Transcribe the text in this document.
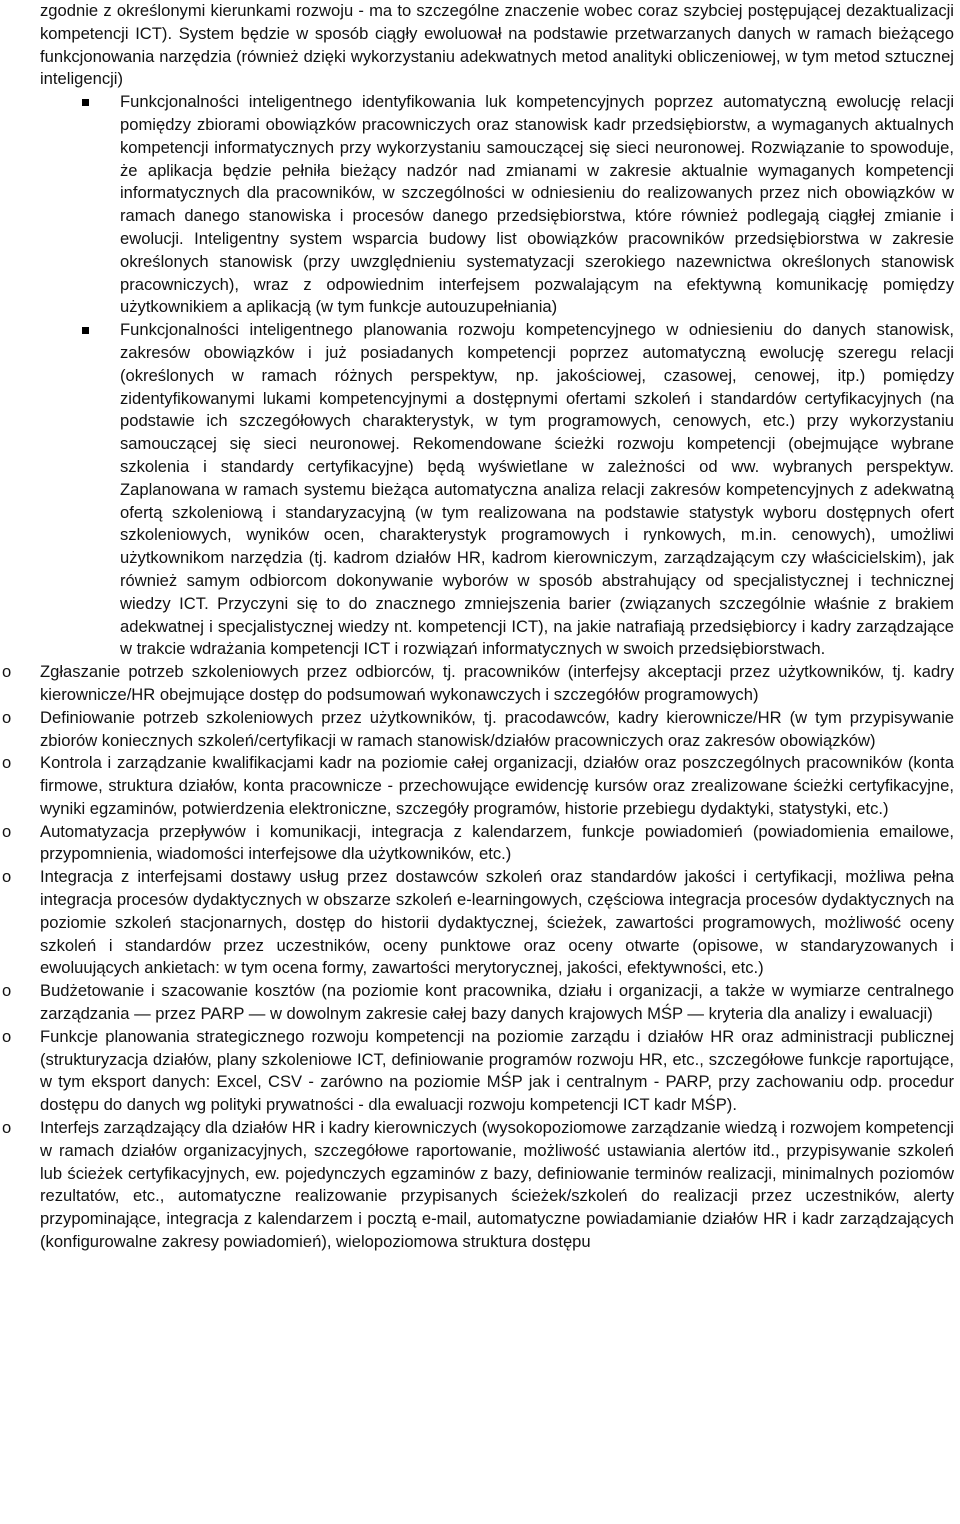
zgodnie z określonymi kierunkami rozwoju - ma to szczególne znaczenie wobec coraz szybciej postępującej dezaktualizacji kompetencji ICT). System będzie w sposób ciągły ewoluował na podstawie przetwarzanych danych w ramach bieżącego funkcjonowania narzędzia (również dzięki wykorzystaniu adekwatnych metod analityki obliczeniowej, w tym metod sztucznej inteligencji)

Funkcjonalności inteligentnego identyfikowania luk kompetencyjnych poprzez automatyczną ewolucję relacji pomiędzy zbiorami obowiązków pracowniczych oraz stanowisk kadr przedsiębiorstw, a wymaganych aktualnych kompetencji informatycznych przy wykorzystaniu samouczącej się sieci neuronowej. Rozwiązanie to spowoduje, że aplikacja będzie pełniła bieżący nadzór nad zmianami w zakresie aktualnie wymaganych kompetencji informatycznych dla pracowników, w szczególności w odniesieniu do realizowanych przez nich obowiązków w ramach danego stanowiska i procesów danego przedsiębiorstwa, które również podlegają ciągłej zmianie i ewolucji. Inteligentny system wsparcia budowy list obowiązków pracowników przedsiębiorstwa w zakresie określonych stanowisk (przy uwzględnieniu systematyzacji szerokiego nazewnictwa określonych stanowisk pracowniczych), wraz z odpowiednim interfejsem pozwalającym na efektywną komunikację pomiędzy użytkownikiem a aplikacją (w tym funkcje autouzupełniania)
Funkcjonalności inteligentnego planowania rozwoju kompetencyjnego w odniesieniu do danych stanowisk, zakresów obowiązków i już posiadanych kompetencji poprzez automatyczną ewolucję szeregu relacji (określonych w ramach różnych perspektyw, np. jakościowej, czasowej, cenowej, itp.) pomiędzy zidentyfikowanymi lukami kompetencyjnymi a dostępnymi ofertami szkoleń i standardów certyfikacyjnych (na podstawie ich szczegółowych charakterystyk, w tym programowych, cenowych, etc.) przy wykorzystaniu samouczącej się sieci neuronowej. Rekomendowane ścieżki rozwoju kompetencji (obejmujące wybrane szkolenia i standardy certyfikacyjne) będą wyświetlane w zależności od ww. wybranych perspektyw. Zaplanowana w ramach systemu bieżąca automatyczna analiza relacji zakresów kompetencyjnych z adekwatną ofertą szkoleniową i standaryzacyjną (w tym realizowana na podstawie statystyk wyboru dostępnych ofert szkoleniowych, wyników ocen, charakterystyk programowych i rynkowych, m.in. cenowych), umożliwi użytkownikom narzędzia (tj. kadrom działów HR, kadrom kierowniczym, zarządzającym czy właścicielskim), jak również samym odbiorcom dokonywanie wyborów w sposób abstrahujący od specjalistycznej i technicznej wiedzy ICT. Przyczyni się to do znacznego zmniejszenia barier (związanych szczególnie właśnie z brakiem adekwatnej i specjalistycznej wiedzy nt. kompetencji ICT), na jakie natrafiają przedsiębiorcy i kadry zarządzające w trakcie wdrażania kompetencji ICT i rozwiązań informatycznych w swoich przedsiębiorstwach.
o Zgłaszanie potrzeb szkoleniowych przez odbiorców, tj. pracowników (interfejsy akceptacji przez użytkowników, tj. kadry kierownicze/HR obejmujące dostęp do podsumowań wykonawczych i szczegółów programowych)
o Definiowanie potrzeb szkoleniowych przez użytkowników, tj. pracodawców, kadry kierownicze/HR (w tym przypisywanie zbiorów koniecznych szkoleń/certyfikacji w ramach stanowisk/działów pracowniczych oraz zakresów obowiązków)
o Kontrola i zarządzanie kwalifikacjami kadr na poziomie całej organizacji, działów oraz poszczególnych pracowników (konta firmowe, struktura działów, konta pracownicze - przechowujące ewidencję kursów oraz zrealizowane ścieżki certyfikacyjne, wyniki egzaminów, potwierdzenia elektroniczne, szczegóły programów, historie przebiegu dydaktyki, statystyki, etc.)
o Automatyzacja przepływów i komunikacji, integracja z kalendarzem, funkcje powiadomień (powiadomienia emailowe, przypomnienia, wiadomości interfejsowe dla użytkowników, etc.)
o Integracja z interfejsami dostawy usług przez dostawców szkoleń oraz standardów jakości i certyfikacji, możliwa pełna integracja procesów dydaktycznych w obszarze szkoleń e-learningowych, częściowa integracja procesów dydaktycznych na poziomie szkoleń stacjonarnych, dostęp do historii dydaktycznej, ścieżek, zawartości programowych, możliwość oceny szkoleń i standardów przez uczestników, oceny punktowe oraz oceny otwarte (opisowe, w standaryzowanych i ewoluujących ankietach: w tym ocena formy, zawartości merytorycznej, jakości, efektywności, etc.)
o Budżetowanie i szacowanie kosztów (na poziomie kont pracownika, działu i organizacji, a także w wymiarze centralnego zarządzania — przez PARP — w dowolnym zakresie całej bazy danych krajowych MŚP — kryteria dla analizy i ewaluacji)
o Funkcje planowania strategicznego rozwoju kompetencji na poziomie zarządu i działów HR oraz administracji publicznej (strukturyzacja działów, plany szkoleniowe ICT, definiowanie programów rozwoju HR, etc., szczegółowe funkcje raportujące, w tym eksport danych: Excel, CSV - zarówno na poziomie MŚP jak i centralnym - PARP, przy zachowaniu odp. procedur dostępu do danych wg polityki prywatności - dla ewaluacji rozwoju kompetencji ICT kadr MŚP).
o Interfejs zarządzający dla działów HR i kadry kierowniczych (wysokopoziomowe zarządzanie wiedzą i rozwojem kompetencji w ramach działów organizacyjnych, szczegółowe raportowanie, możliwość ustawiania alertów itd., przypisywanie szkoleń lub ścieżek certyfikacyjnych, ew. pojedynczych egzaminów z bazy, definiowanie terminów realizacji, minimalnych poziomów rezultatów, etc., automatyczne realizowanie przypisanych ścieżek/szkoleń do realizacji przez uczestników, alerty przypominające, integracja z kalendarzem i pocztą e-mail, automatyczne powiadamianie działów HR i kadr zarządzających (konfigurowalne zakresy powiadomień), wielopoziomowa struktura dostępu
